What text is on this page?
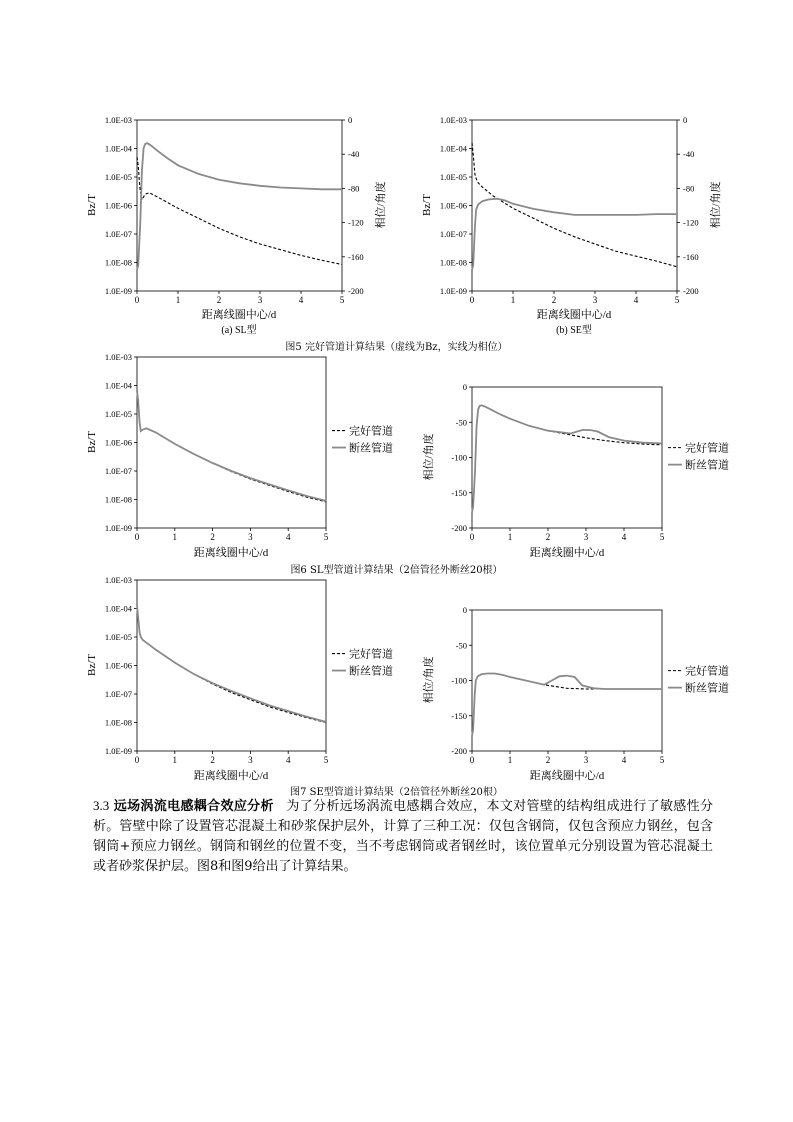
1.0E-09
1.0E-08
1.0E-07
1.0E-06
1.0E-05
1.0E-04
1.0E-03
-200
-160
-120
-80
-40
0
0	1	2	3	4	5
Bz/T	相位/角度
距离线圈中心/d
(a) SL型
1.0E-09
1.0E-08
1.0E-07
1.0E-06
1.0E-05
1.0E-04
1.0E-03
-200
-160
-120
-80
-40
0
0	1	2	3	4	5
Bz/T	相位/角度
距离线圈中心/d
(b) SE型
图5 完好管道计算结果（虚线为Bz，实线为相位）
1.0E-09
1.0E-08
1.0E-07
1.0E-06
1.0E-05
1.0E-04
1.0E-03
0	1	2	3	4	5
完好管道
断丝管道
Bz/T
距离线圈中心/d
-200
-150
-100
-50
0
0	1	2	3	4	5
完好管道
断丝管道
相位/角度
距离线圈中心/d
图6 SL型管道计算结果（2倍管径外断丝20根）
1.0E-09
1.0E-08
1.0E-07
1.0E-06
1.0E-05
1.0E-04
1.0E-03
0	1	2	3	4	5
完好管道
断丝管道
Bz/T
距离线圈中心/d
-200
-150
-100
-50
0
0	1	2	3	4	5
完好管道
断丝管道
相位/角度
距离线圈中心/d
图7 SE型管道计算结果（2倍管径外断丝20根）
3.3 远场涡流电感耦合效应分析 为了分析远场涡流电感耦合效应，本文对管壁的结构组成进行了敏感性分析。管壁中除了设置管芯混凝土和砂浆保护层外，计算了三种工况：仅包含钢筒，仅包含预应力钢丝，包含钢筒+预应力钢丝。钢筒和钢丝的位置不变，当不考虑钢筒或者钢丝时，该位置单元分别设置为管芯混凝土或者砂浆保护层。图8和图9给出了计算结果。
